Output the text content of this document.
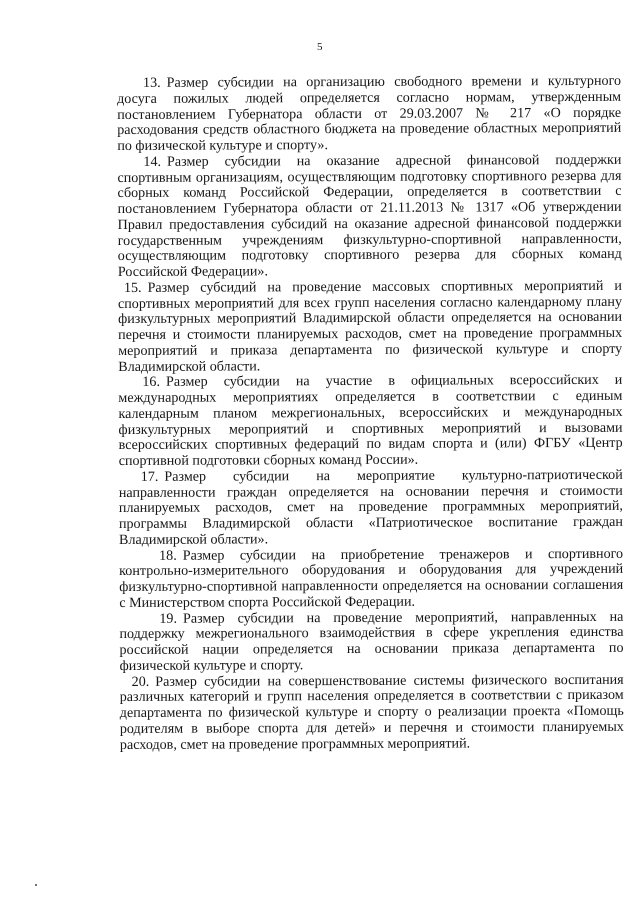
5

13. Размер субсидии на организацию свободного времени и культурного досуга пожилых людей определяется согласно нормам, утвержденным постановлением Губернатора области от 29.03.2007 № 217 «О порядке расходования средств областного бюджета на проведение областных мероприятий по физической культуре и спорту».

14. Размер субсидии на оказание адресной финансовой поддержки спортивным организациям, осуществляющим подготовку спортивного резерва для сборных команд Российской Федерации, определяется в соответствии с постановлением Губернатора области от 21.11.2013 № 1317 «Об утверждении Правил предоставления субсидий на оказание адресной финансовой поддержки государственным учреждениям физкультурно-спортивной направленности, осуществляющим подготовку спортивного резерва для сборных команд Российской Федерации».

15. Размер субсидий на проведение массовых спортивных мероприятий и спортивных мероприятий для всех групп населения согласно календарному плану физкультурных мероприятий Владимирской области определяется на основании перечня и стоимости планируемых расходов, смет на проведение программных мероприятий и приказа департамента по физической культуре и спорту Владимирской области.

16. Размер субсидии на участие в официальных всероссийских и международных мероприятиях определяется в соответствии с единым календарным планом межрегиональных, всероссийских и международных физкультурных мероприятий и спортивных мероприятий и вызовами всероссийских спортивных федераций по видам спорта и (или) ФГБУ «Центр спортивной подготовки сборных команд России».

17. Размер субсидии на мероприятие культурно-патриотической направленности граждан определяется на основании перечня и стоимости планируемых расходов, смет на проведение программных мероприятий, программы Владимирской области «Патриотическое воспитание граждан Владимирской области».

18. Размер субсидии на приобретение тренажеров и спортивного контрольно-измерительного оборудования и оборудования для учреждений физкультурно-спортивной направленности определяется на основании соглашения с Министерством спорта Российской Федерации.

19. Размер субсидии на проведение мероприятий, направленных на поддержку межрегионального взаимодействия в сфере укрепления единства российской нации определяется на основании приказа департамента по физической культуре и спорту.

20. Размер субсидии на совершенствование системы физического воспитания различных категорий и групп населения определяется в соответствии с приказом департамента по физической культуре и спорту о реализации проекта «Помощь родителям в выборе спорта для детей» и перечня и стоимости планируемых расходов, смет на проведение программных мероприятий.
